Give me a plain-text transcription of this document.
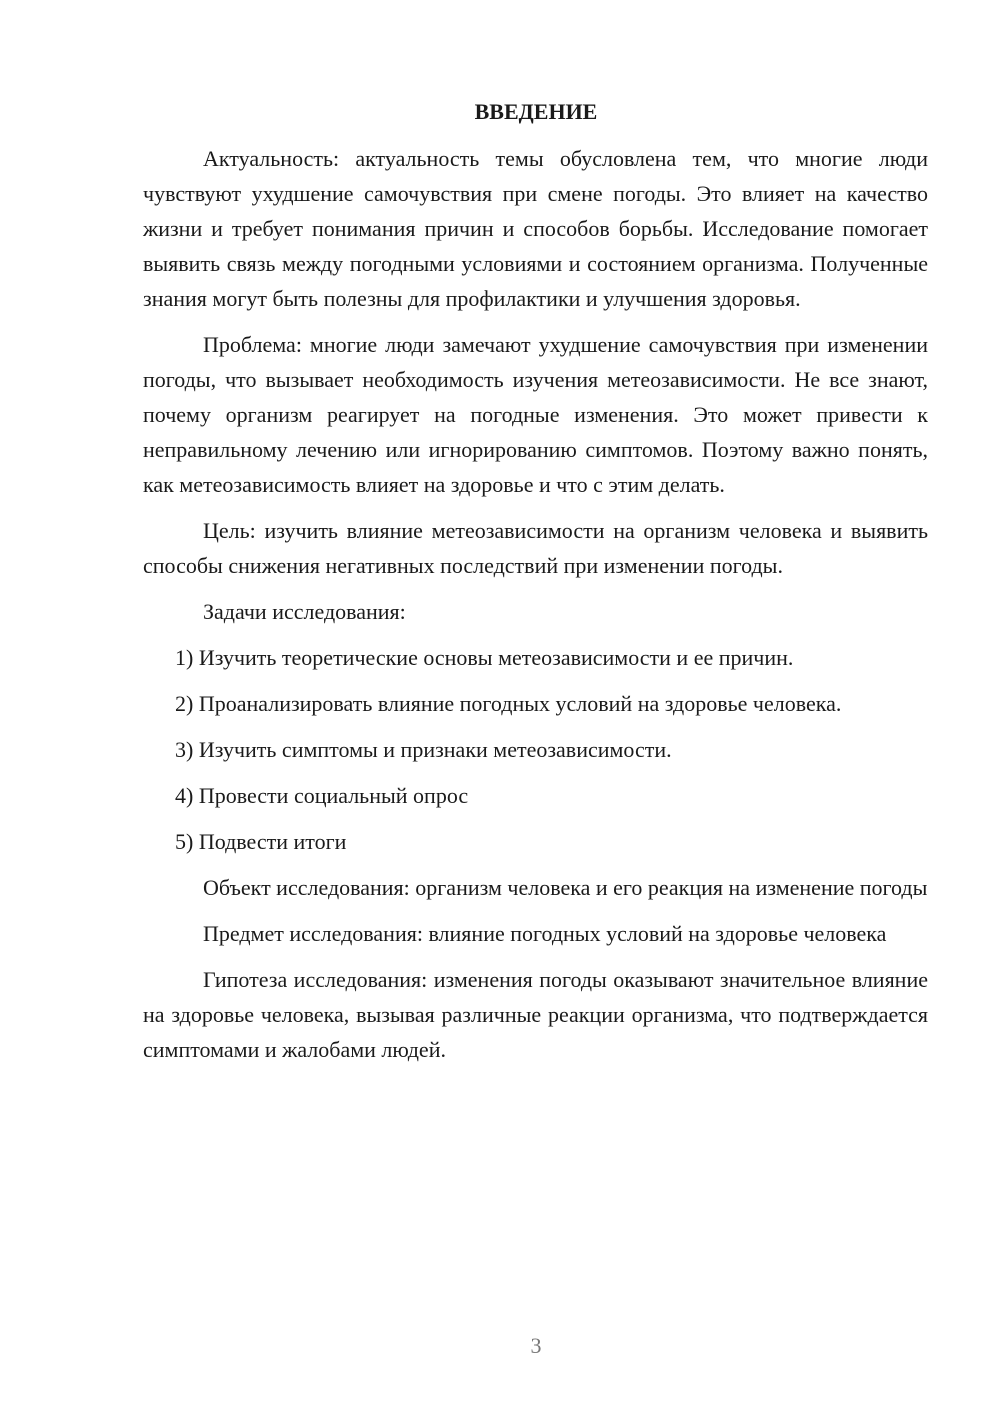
ВВЕДЕНИЕ

Актуальность: актуальность темы обусловлена тем, что многие люди чувствуют ухудшение самочувствия при смене погоды. Это влияет на качество жизни и требует понимания причин и способов борьбы. Исследование помогает выявить связь между погодными условиями и состоянием организма. Полученные знания могут быть полезны для профилактики и улучшения здоровья.

Проблема: многие люди замечают ухудшение самочувствия при изменении погоды, что вызывает необходимость изучения метеозависимости. Не все знают, почему организм реагирует на погодные изменения. Это может привести к неправильному лечению или игнорированию симптомов. Поэтому важно понять, как метеозависимость влияет на здоровье и что с этим делать.

Цель: изучить влияние метеозависимости на организм человека и выявить способы снижения негативных последствий при изменении погоды.

Задачи исследования:

1) Изучить теоретические основы метеозависимости и ее причин.

2) Проанализировать влияние погодных условий на здоровье человека.

3) Изучить симптомы и признаки метеозависимости.

4) Провести социальный опрос

5) Подвести итоги

Объект исследования: организм человека и его реакция на изменение погоды

Предмет исследования: влияние погодных условий на здоровье человека

Гипотеза исследования: изменения погоды оказывают значительное влияние на здоровье человека, вызывая различные реакции организма, что подтверждается симптомами и жалобами людей.

3
